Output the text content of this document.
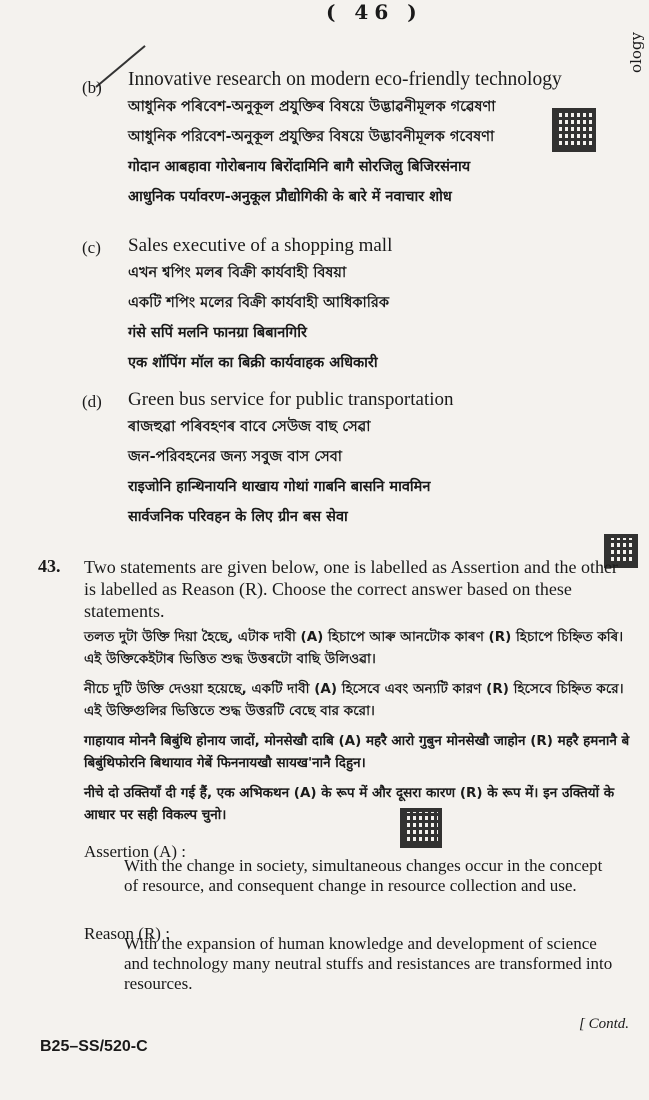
( 46 )
ology
(b) Innovative research on modern eco-friendly technology
আধুনিক পৰিবেশ-অনুকূল প্ৰযুক্তিৰ বিষয়ে উদ্ভাৱনীমূলক গৱেষণা
আধুনিক পরিবেশ-অনুকূল প্রযুক্তির বিষয়ে উদ্ভাবনীমূলক গবেষণা
गोदान आबहावा गोरोबनाय बिरोंदामिनि बागै सोरजिलु बिजिरसंनाय
आधुनिक पर्यावरण-अनुकूल प्रौद्योगिकी के बारे में नवाचार शोध
(c) Sales executive of a shopping mall
এখন শ্বপিং মলৰ বিক্ৰী কাৰ্যবাহী বিষয়া
একটি শপিং মলের বিক্রী কার্যবাহী আধিকারিক
गंसे सपिं मलनि फानग्रा बिबानगिरि
एक शॉपिंग मॉल का बिक्री कार्यवाहक अधिकारी
(d) Green bus service for public transportation
ৰাজহুৱা পৰিবহণৰ বাবে সেউজ বাছ সেৱা
জন-পরিবহনের জন্য সবুজ বাস সেবা
राइजोनि हान्थिनायनि थाखाय गोथां गाबनि बासनि मावमिन
सार्वजनिक परिवहन के लिए ग्रीन बस सेवा
43. Two statements are given below, one is labelled as Assertion and the other is labelled as Reason (R). Choose the correct answer based on these statements.
তলত দুটা উক্তি দিয়া হৈছে, এটাক দাবী (A) হিচাপে আৰু আনটোক কাৰণ (R) হিচাপে চিহ্নিত কৰি। এই উক্তিকেইটাৰ ভিত্তিত শুদ্ধ উত্তৰটো বাছি উলিওৱা।
নীচে দুটি উক্তি দেওয়া হয়েছে, একটি দাবী (A) হিসেবে এবং অন্যটি কারণ (R) হিসেবে চিহ্নিত করে। এই উক্তিগুলির ভিত্তিতে শুদ্ধ উত্তরটি বেছে বার করো।
गाहायाव मोननै बिबुंथि होनाय जादों, मोनसेखौ दाबि (A) महरै आरो गुबुन मोनसेखौ जाहोन (R) महरै हमनानै बे बिबुंथिफोरनि बिथायाव गेबें फिननायखौ सायख'नानै दिहुन।
नीचे दो उक्तियाँ दी गई हैं, एक अभिकथन (A) के रूप में और दूसरा कारण (R) के रूप में। इन उक्तियों के आधार पर सही विकल्प चुनो।
Assertion (A) :
With the change in society, simultaneous changes occur in the concept of resource, and consequent change in resource collection and use.
Reason (R) :
With the expansion of human knowledge and development of science and technology many neutral stuffs and resistances are transformed into resources.
[ Contd.
B25–SS/520-C
